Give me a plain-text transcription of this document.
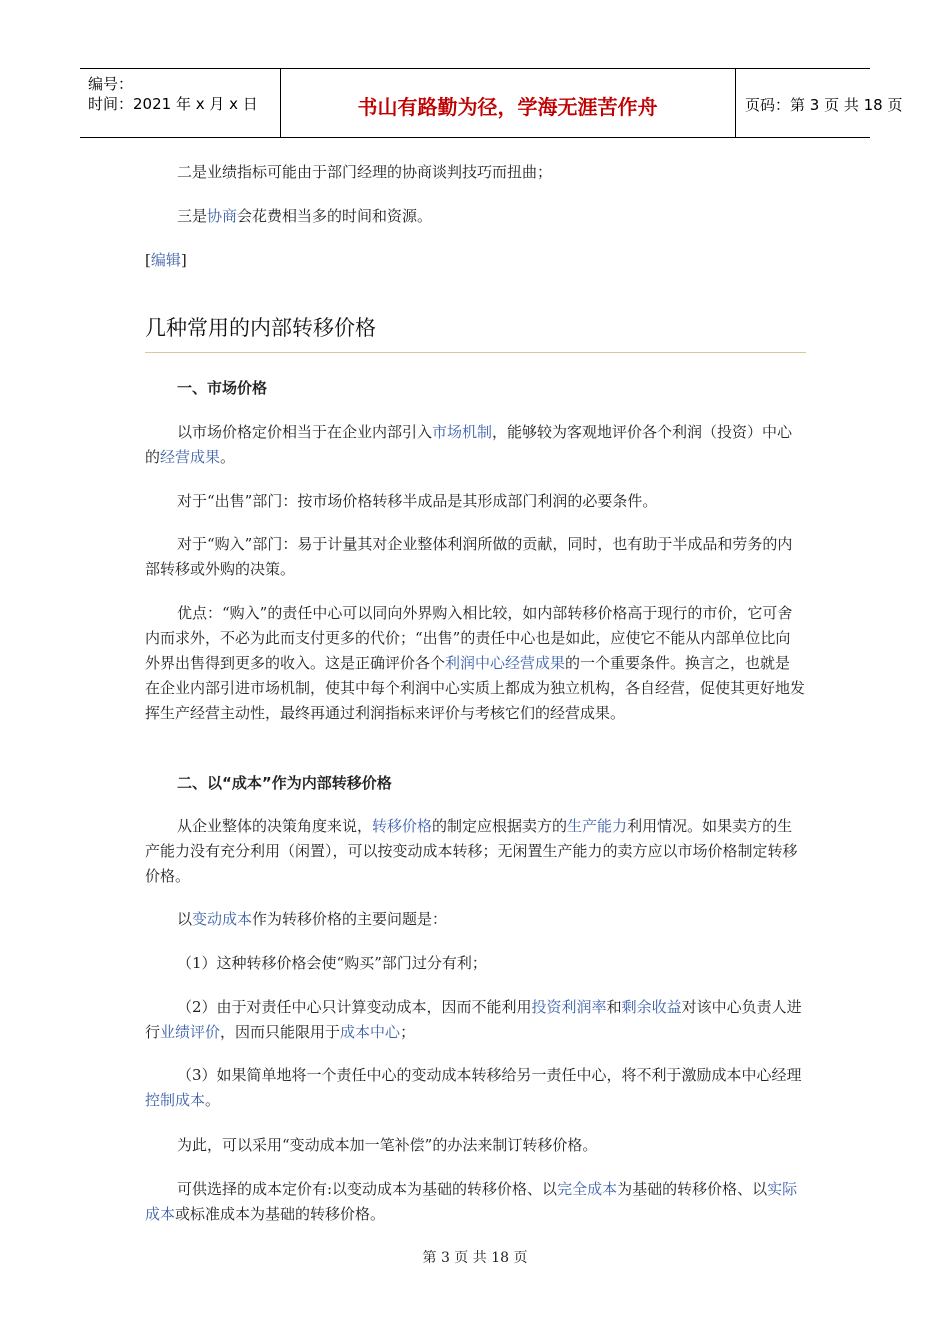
编号：
时间：2021 年 x 月 x 日	书山有路勤为径，学海无涯苦作舟	页码：第 3 页 共 18 页
二是业绩指标可能由于部门经理的协商谈判技巧而扭曲；
三是协商会花费相当多的时间和资源。
[编辑]
几种常用的内部转移价格
一、市场价格
以市场价格定价相当于在企业内部引入市场机制，能够较为客观地评价各个利润（投资）中心的经营成果。
对于“出售”部门：按市场价格转移半成品是其形成部门利润的必要条件。
对于“购入”部门：易于计量其对企业整体利润所做的贡献，同时，也有助于半成品和劳务的内部转移或外购的决策。
优点：“购入”的责任中心可以同向外界购入相比较，如内部转移价格高于现行的市价，它可舍内而求外，不必为此而支付更多的代价；“出售”的责任中心也是如此，应使它不能从内部单位比向外界出售得到更多的收入。这是正确评价各个利润中心经营成果的一个重要条件。换言之，也就是在企业内部引进市场机制，使其中每个利润中心实质上都成为独立机构，各自经营，促使其更好地发挥生产经营主动性，最终再通过利润指标来评价与考核它们的经营成果。
二、以“成本”作为内部转移价格
从企业整体的决策角度来说，转移价格的制定应根据卖方的生产能力利用情况。如果卖方的生产能力没有充分利用（闲置），可以按变动成本转移；无闲置生产能力的卖方应以市场价格制定转移价格。
以变动成本作为转移价格的主要问题是：
（1）这种转移价格会使“购买”部门过分有利；
（2）由于对责任中心只计算变动成本，因而不能利用投资利润率和剩余收益对该中心负责人进行业绩评价，因而只能限用于成本中心；
（3）如果简单地将一个责任中心的变动成本转移给另一责任中心，将不利于激励成本中心经理控制成本。
为此，可以采用“变动成本加一笔补偿”的办法来制订转移价格。
可供选择的成本定价有:以变动成本为基础的转移价格、以完全成本为基础的转移价格、以实际成本或标准成本为基础的转移价格。
第 3 页 共 18 页
